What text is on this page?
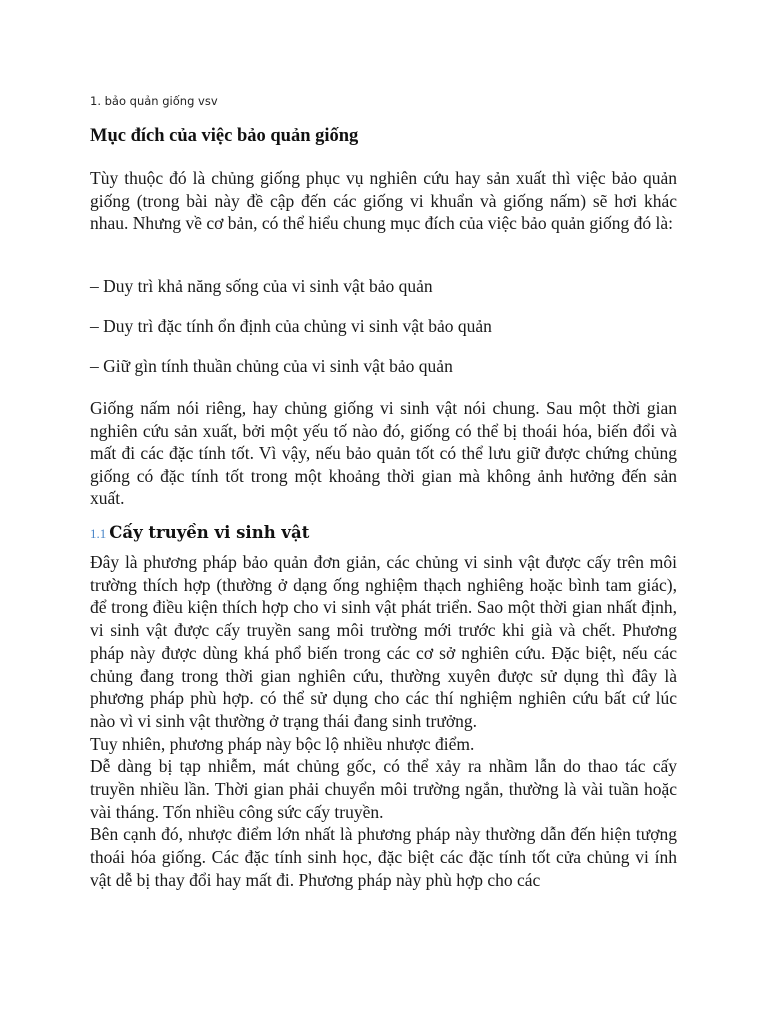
1. bảo quản giống vsv
Mục đích của việc bảo quản giống

Tùy thuộc đó là chủng giống phục vụ nghiên cứu hay sản xuất thì việc bảo quản giống (trong bài này đề cập đến các giống vi khuẩn và giống nấm) sẽ hơi khác nhau. Nhưng về cơ bản, có thể hiểu chung mục đích của việc bảo quản giống đó là:

– Duy trì khả năng sống của vi sinh vật bảo quản
– Duy trì đặc tính ổn định của chủng vi sinh vật bảo quản
– Giữ gìn tính thuần chủng của vi sinh vật bảo quản

Giống nấm nói riêng, hay chủng giống vi sinh vật nói chung. Sau một thời gian nghiên cứu sản xuất, bởi một yếu tố nào đó, giống có thể bị thoái hóa, biến đổi và mất đi các đặc tính tốt. Vì vậy, nếu bảo quản tốt có thể lưu giữ được chứng chủng giống có đặc tính tốt trong một khoảng thời gian mà không ảnh hưởng đến sản xuất.

1.1 Cấy truyền vi sinh vật

Đây là phương pháp bảo quản đơn giản, các chủng vi sinh vật được cấy trên môi trường thích hợp (thường ở dạng ống nghiệm thạch nghiêng hoặc bình tam giác), để trong điều kiện thích hợp cho vi sinh vật phát triển. Sao một thời gian nhất định, vi sinh vật được cấy truyền sang môi trường mới trước khi già và chết. Phương pháp này được dùng khá phổ biến trong các cơ sở nghiên cứu. Đặc biệt, nếu các chủng đang trong thời gian nghiên cứu, thường xuyên được sử dụng thì đây là phương pháp phù hợp. có thể sử dụng cho các thí nghiệm nghiên cứu bất cứ lúc nào vì vi sinh vật thường ở trạng thái đang sinh trưởng.

Tuy nhiên, phương pháp này bộc lộ nhiều nhược điểm.

Dễ dàng bị tạp nhiễm, mát chủng gốc, có thể xảy ra nhầm lẫn do thao tác cấy truyền nhiều lần. Thời gian phải chuyển môi trường ngắn, thường là vài tuần hoặc vài tháng. Tốn nhiều công sức cấy truyền.

Bên cạnh đó, nhược điểm lớn nhất là phương pháp này thường dẫn đến hiện tượng thoái hóa giống. Các đặc tính sinh học, đặc biệt các đặc tính tốt cửa chủng vi ính vật dễ bị thay đổi hay mất đi. Phương pháp này phù hợp cho các
